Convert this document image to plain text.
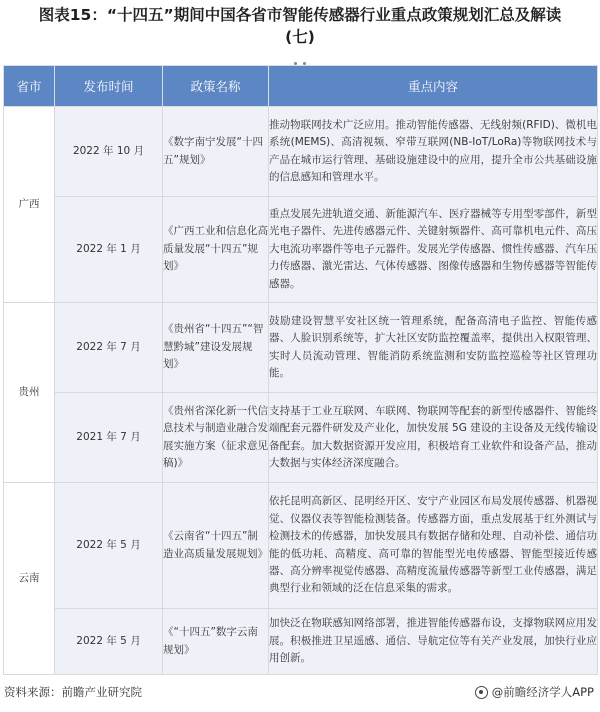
图表15：“十四五”期间中国各省市智能传感器行业重点政策规划汇总及解读
(七)
省市	发布时间	政策名称	重点内容
广西	2022 年 10 月	《数字南宁发展“十四五”规划》	推动物联网技术广泛应用。推动智能传感器、无线射频(RFID)、微机电系统(MEMS)、高清视频、窄带互联网(NB-IoT/LoRa)等物联网技术与产品在城市运行管理、基础设施建设中的应用，提升全市公共基础设施的信息感知和管理水平。
	2022 年 1 月	《广西工业和信息化高质量发展“十四五”规划》	重点发展先进轨道交通、新能源汽车、医疗器械等专用型零部件，新型光电子器件、先进传感器元件、关键射频器件、高可靠机电元件、高压大电流功率器件等电子元器件。发展光学传感器、惯性传感器、汽车压力传感器、激光雷达、气体传感器、图像传感器和生物传感器等智能传感器。
贵州	2022 年 7 月	《贵州省“十四五”“智慧黔城”建设发展规划》	鼓励建设智慧平安社区统一管理系统，配备高清电子监控、智能传感器、人脸识别系统等，扩大社区安防监控覆盖率，提供出入权限管理、实时人员流动管理、智能消防系统监测和安防监控巡检等社区管理功能。
	2021 年 7 月	《贵州省深化新一代信息技术与制造业融合发展实施方案（征求意见稿)》	支持基于工业互联网、车联网、物联网等配套的新型传感器件、智能终端配套元器件研发及产业化，加快发展 5G 建设的主设备及无线传输设备配套。加大数据资源开发应用，积极培育工业软件和设备产品，推动大数据与实体经济深度融合。
云南	2022 年 5 月	《云南省“十四五”制造业高质量发展规划》	依托昆明高新区、昆明经开区、安宁产业园区布局发展传感器、机器视觉、仪器仪表等智能检测装备。传感器方面，重点发展基于红外测试与检测技术的传感器，加快发展具有数据存储和处理、自动补偿、通信功能的低功耗、高精度、高可靠的智能型光电传感器、智能型接近传感器、高分辨率视觉传感器、高精度流量传感器等新型工业传感器，满足典型行业和领域的泛在信息采集的需求。
	2022 年 5 月	《“十四五”数字云南规划》	加快泛在物联感知网络部署，推进智能传感器布设，支撑物联网应用发展。积极推进卫星遥感、通信、导航定位等有关产业发展，加快行业应用创新。
资料来源：前瞻产业研究院	@前瞻经济学人APP
